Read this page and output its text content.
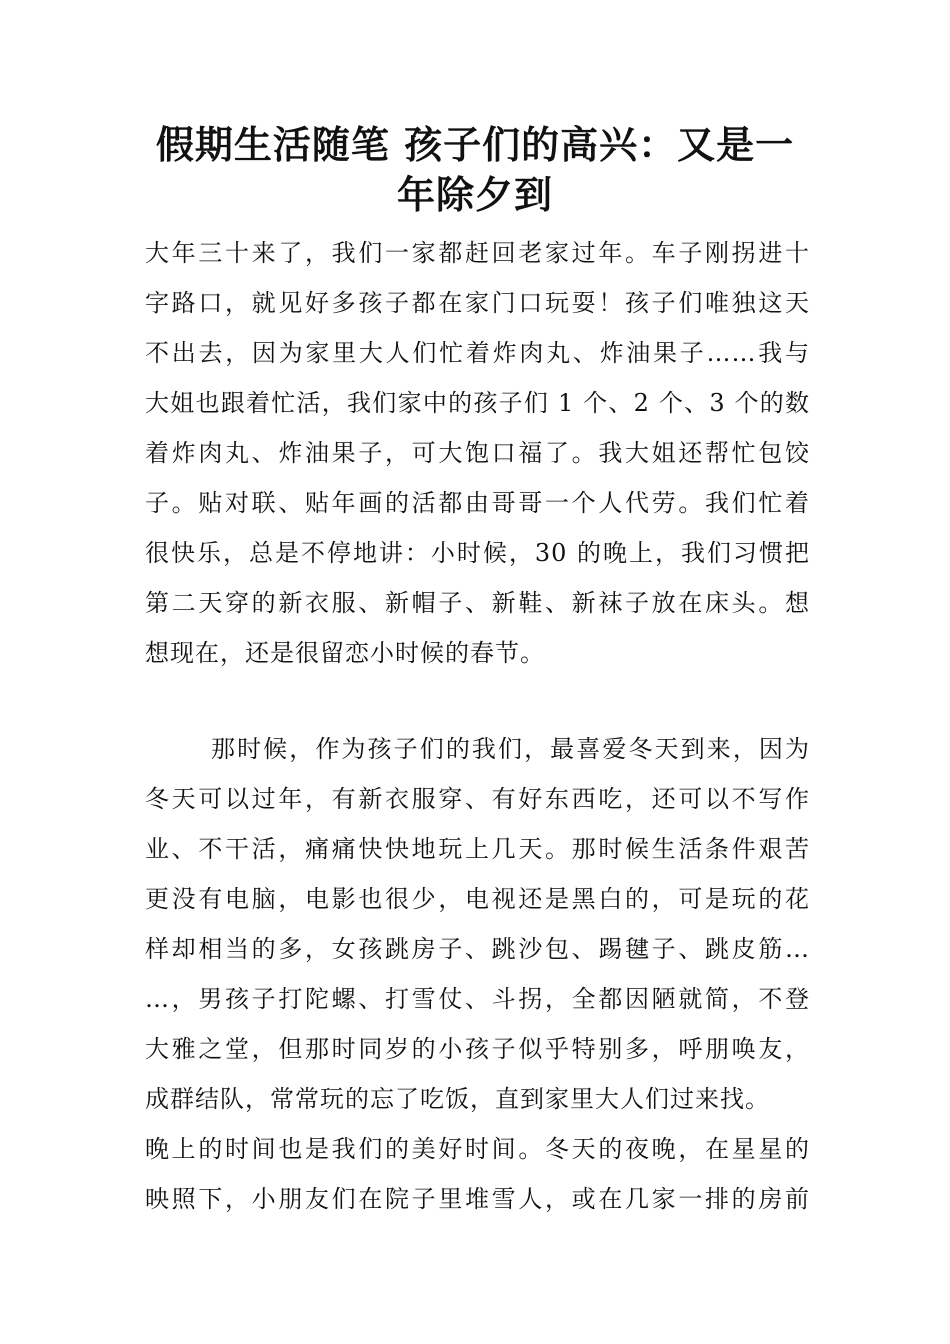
假期生活随笔 孩子们的高兴：又是一
年除夕到
大年三十来了，我们一家都赶回老家过年。车子刚拐进十
字路口，就见好多孩子都在家门口玩耍！孩子们唯独这天
不出去，因为家里大人们忙着炸肉丸、炸油果子……我与
大姐也跟着忙活，我们家中的孩子们 1 个、2 个、3 个的数
着炸肉丸、炸油果子，可大饱口福了。我大姐还帮忙包饺
子。贴对联、贴年画的活都由哥哥一个人代劳。我们忙着
很快乐，总是不停地讲：小时候，30 的晚上，我们习惯把
第二天穿的新衣服、新帽子、新鞋、新袜子放在床头。想
想现在，还是很留恋小时候的春节。
那时候，作为孩子们的我们，最喜爱冬天到来，因为
冬天可以过年，有新衣服穿、有好东西吃，还可以不写作
业、不干活，痛痛快快地玩上几天。那时候生活条件艰苦
更没有电脑，电影也很少，电视还是黑白的，可是玩的花
样却相当的多，女孩跳房子、跳沙包、踢毽子、跳皮筋…
…，男孩子打陀螺、打雪仗、斗拐，全都因陋就简，不登
大雅之堂，但那时同岁的小孩子似乎特别多，呼朋唤友，
成群结队，常常玩的忘了吃饭，直到家里大人们过来找。
晚上的时间也是我们的美好时间。冬天的夜晚，在星星的
映照下，小朋友们在院子里堆雪人，或在几家一排的房前
